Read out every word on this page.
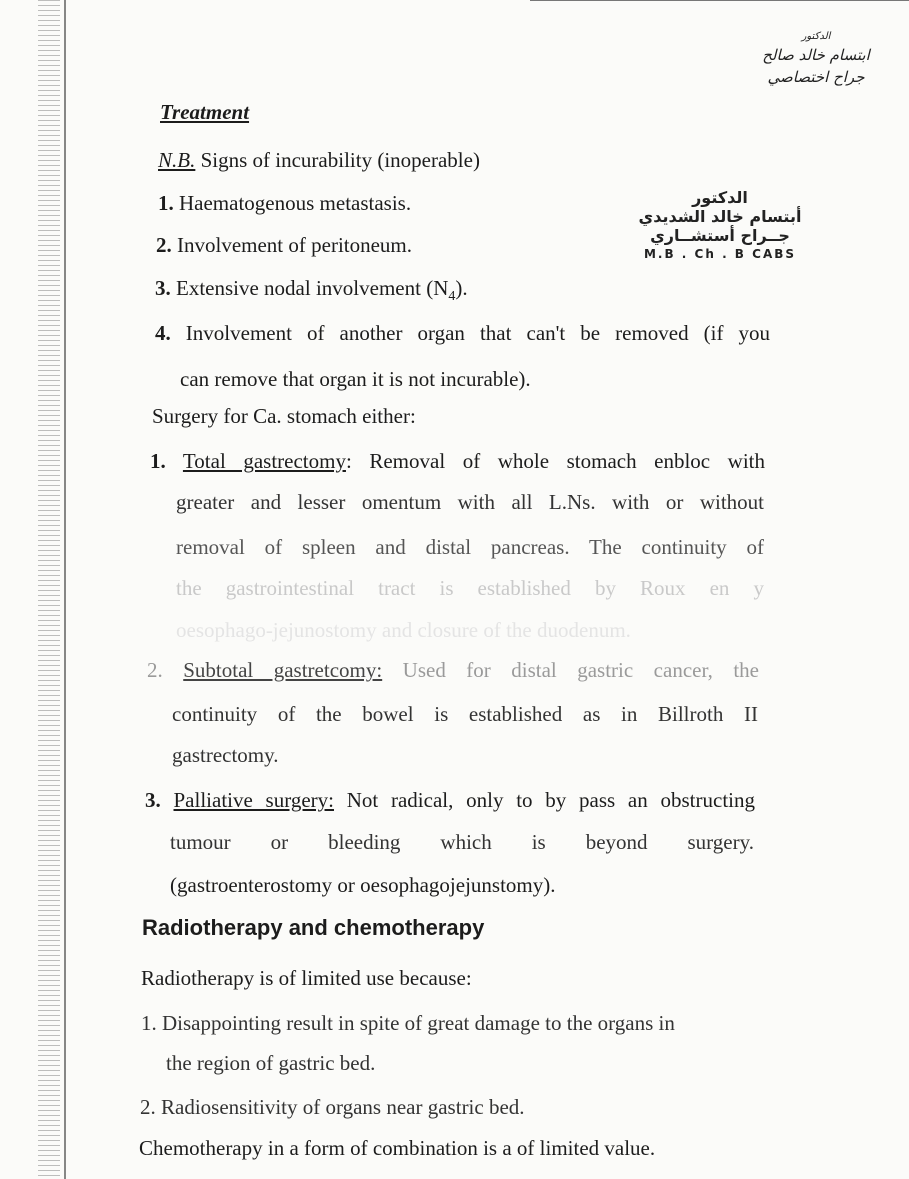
الدكتور
ابتسام خالد صالح
جراح اختصاصي
الدكتور
أبتسام خالد الشديدي
جــراح أستشــاري
M.B . Ch . B CABS
Treatment
N.B. Signs of incurability (inoperable)
1. Haematogenous metastasis.
2. Involvement of peritoneum.
3. Extensive nodal involvement $(N_4)$.
4. Involvement of another organ that can't be removed (if you
can remove that organ it is not incurable).
Surgery for Ca. stomach either:
1. Total gastrectomy: Removal of whole stomach enbloc with
greater and lesser omentum with all L.Ns. with or without
removal of spleen and distal pancreas. The continuity of
the gastrointestinal tract is established by Roux en y
oesophago-jejunostomy and closure of the duodenum.
2. Subtotal gastretcomy: Used for distal gastric cancer, the
continuity of the bowel is established as in Billroth II
gastrectomy.
3. Palliative surgery: Not radical, only to by pass an obstructing
tumour or bleeding which is beyond surgery.
(gastroenterostomy or oesophagojejunstomy).
Radiotherapy and chemotherapy
Radiotherapy is of limited use because:
1. Disappointing result in spite of great damage to the organs in
the region of gastric bed.
2. Radiosensitivity of organs near gastric bed.
Chemotherapy in a form of combination is a of limited value.
